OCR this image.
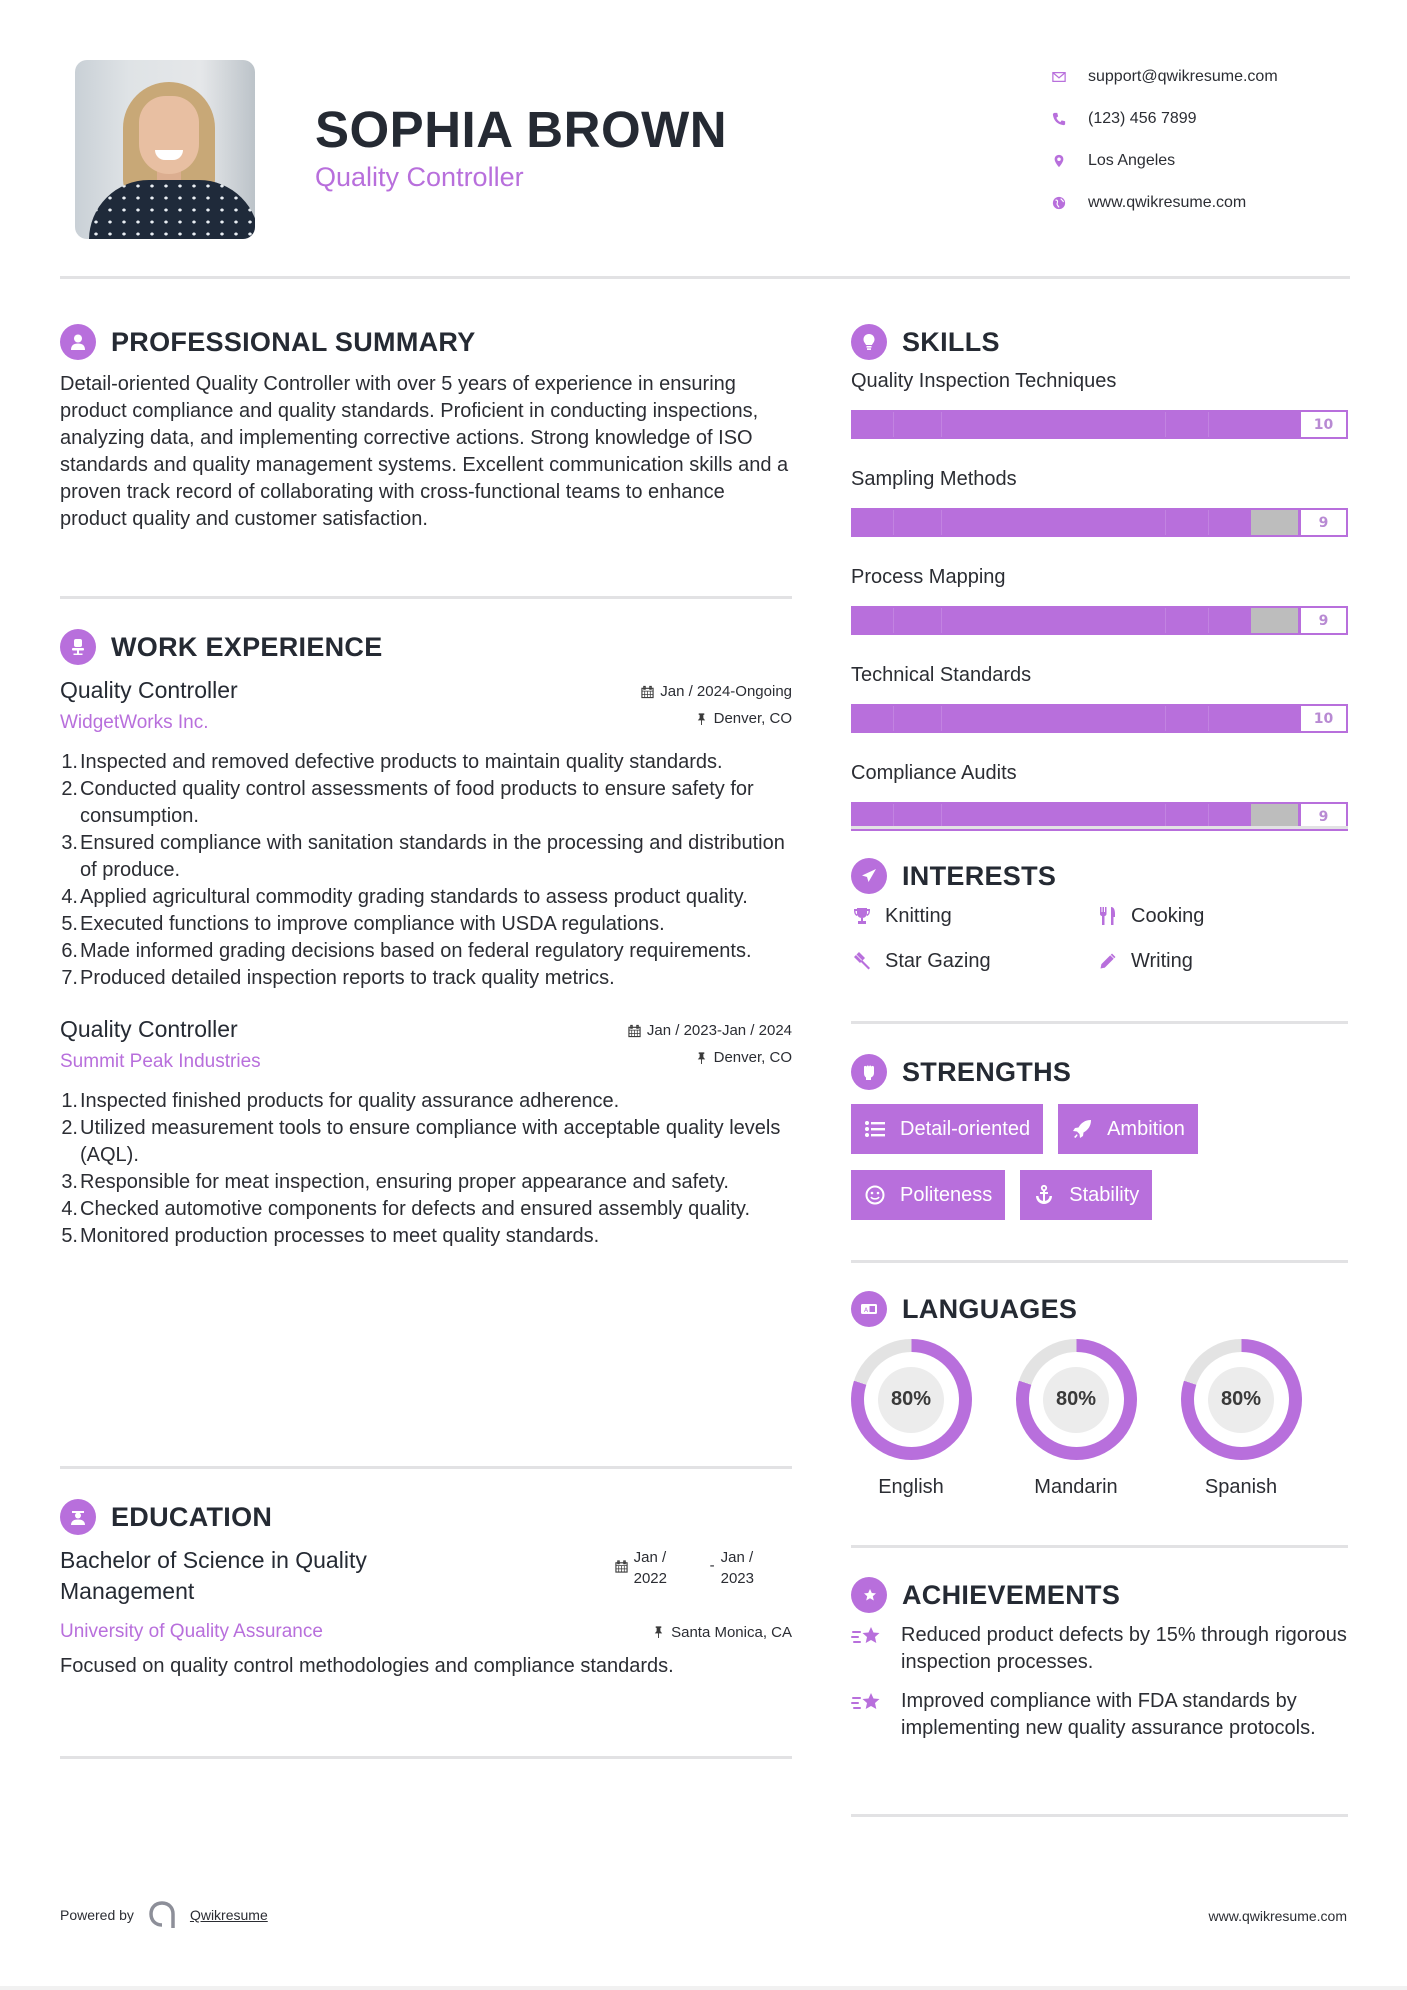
SOPHIA BROWN
Quality Controller
support@qwikresume.com
(123) 456 7899
Los Angeles
www.qwikresume.com
PROFESSIONAL SUMMARY

Detail-oriented Quality Controller with over 5 years of experience in ensuring product compliance and quality standards. Proficient in conducting inspections, analyzing data, and implementing corrective actions. Strong knowledge of ISO standards and quality management systems. Excellent communication skills and a proven track record of collaborating with cross-functional teams to enhance product quality and customer satisfaction.

WORK EXPERIENCE
Quality Controller
WidgetWorks Inc.
Jan / 2024-Ongoing
Denver, CO
1. Inspected and removed defective products to maintain quality standards.
2. Conducted quality control assessments of food products to ensure safety for consumption.
3. Ensured compliance with sanitation standards in the processing and distribution of produce.
4. Applied agricultural commodity grading standards to assess product quality.
5. Executed functions to improve compliance with USDA regulations.
6. Made informed grading decisions based on federal regulatory requirements.
7. Produced detailed inspection reports to track quality metrics.
Quality Controller
Summit Peak Industries
Jan / 2023-Jan / 2024
Denver, CO
1. Inspected finished products for quality assurance adherence.
2. Utilized measurement tools to ensure compliance with acceptable quality levels (AQL).
3. Responsible for meat inspection, ensuring proper appearance and safety.
4. Checked automotive components for defects and ensured assembly quality.
5. Monitored production processes to meet quality standards.
EDUCATION
Bachelor of Science in Quality Management
Jan /
2022
- Jan /
2023
University of Quality Assurance	Santa Monica, CA

Focused on quality control methodologies and compliance standards.

SKILLS
Quality Inspection Techniques
10
Sampling Methods
9
Process Mapping
9
Technical Standards
10
Compliance Audits
9
INTERESTS
Knitting	Cooking
Star Gazing	Writing
STRENGTHS
Detail-oriented	Ambition
Politeness	Stability
A LANGUAGES
80%
English
80%
Mandarin
80%
Spanish
ACHIEVEMENTS
Reduced product defects by 15% through rigorous inspection processes.
Improved compliance with FDA standards by implementing new quality assurance protocols.
Powered by	Qwikresume	www.qwikresume.com
